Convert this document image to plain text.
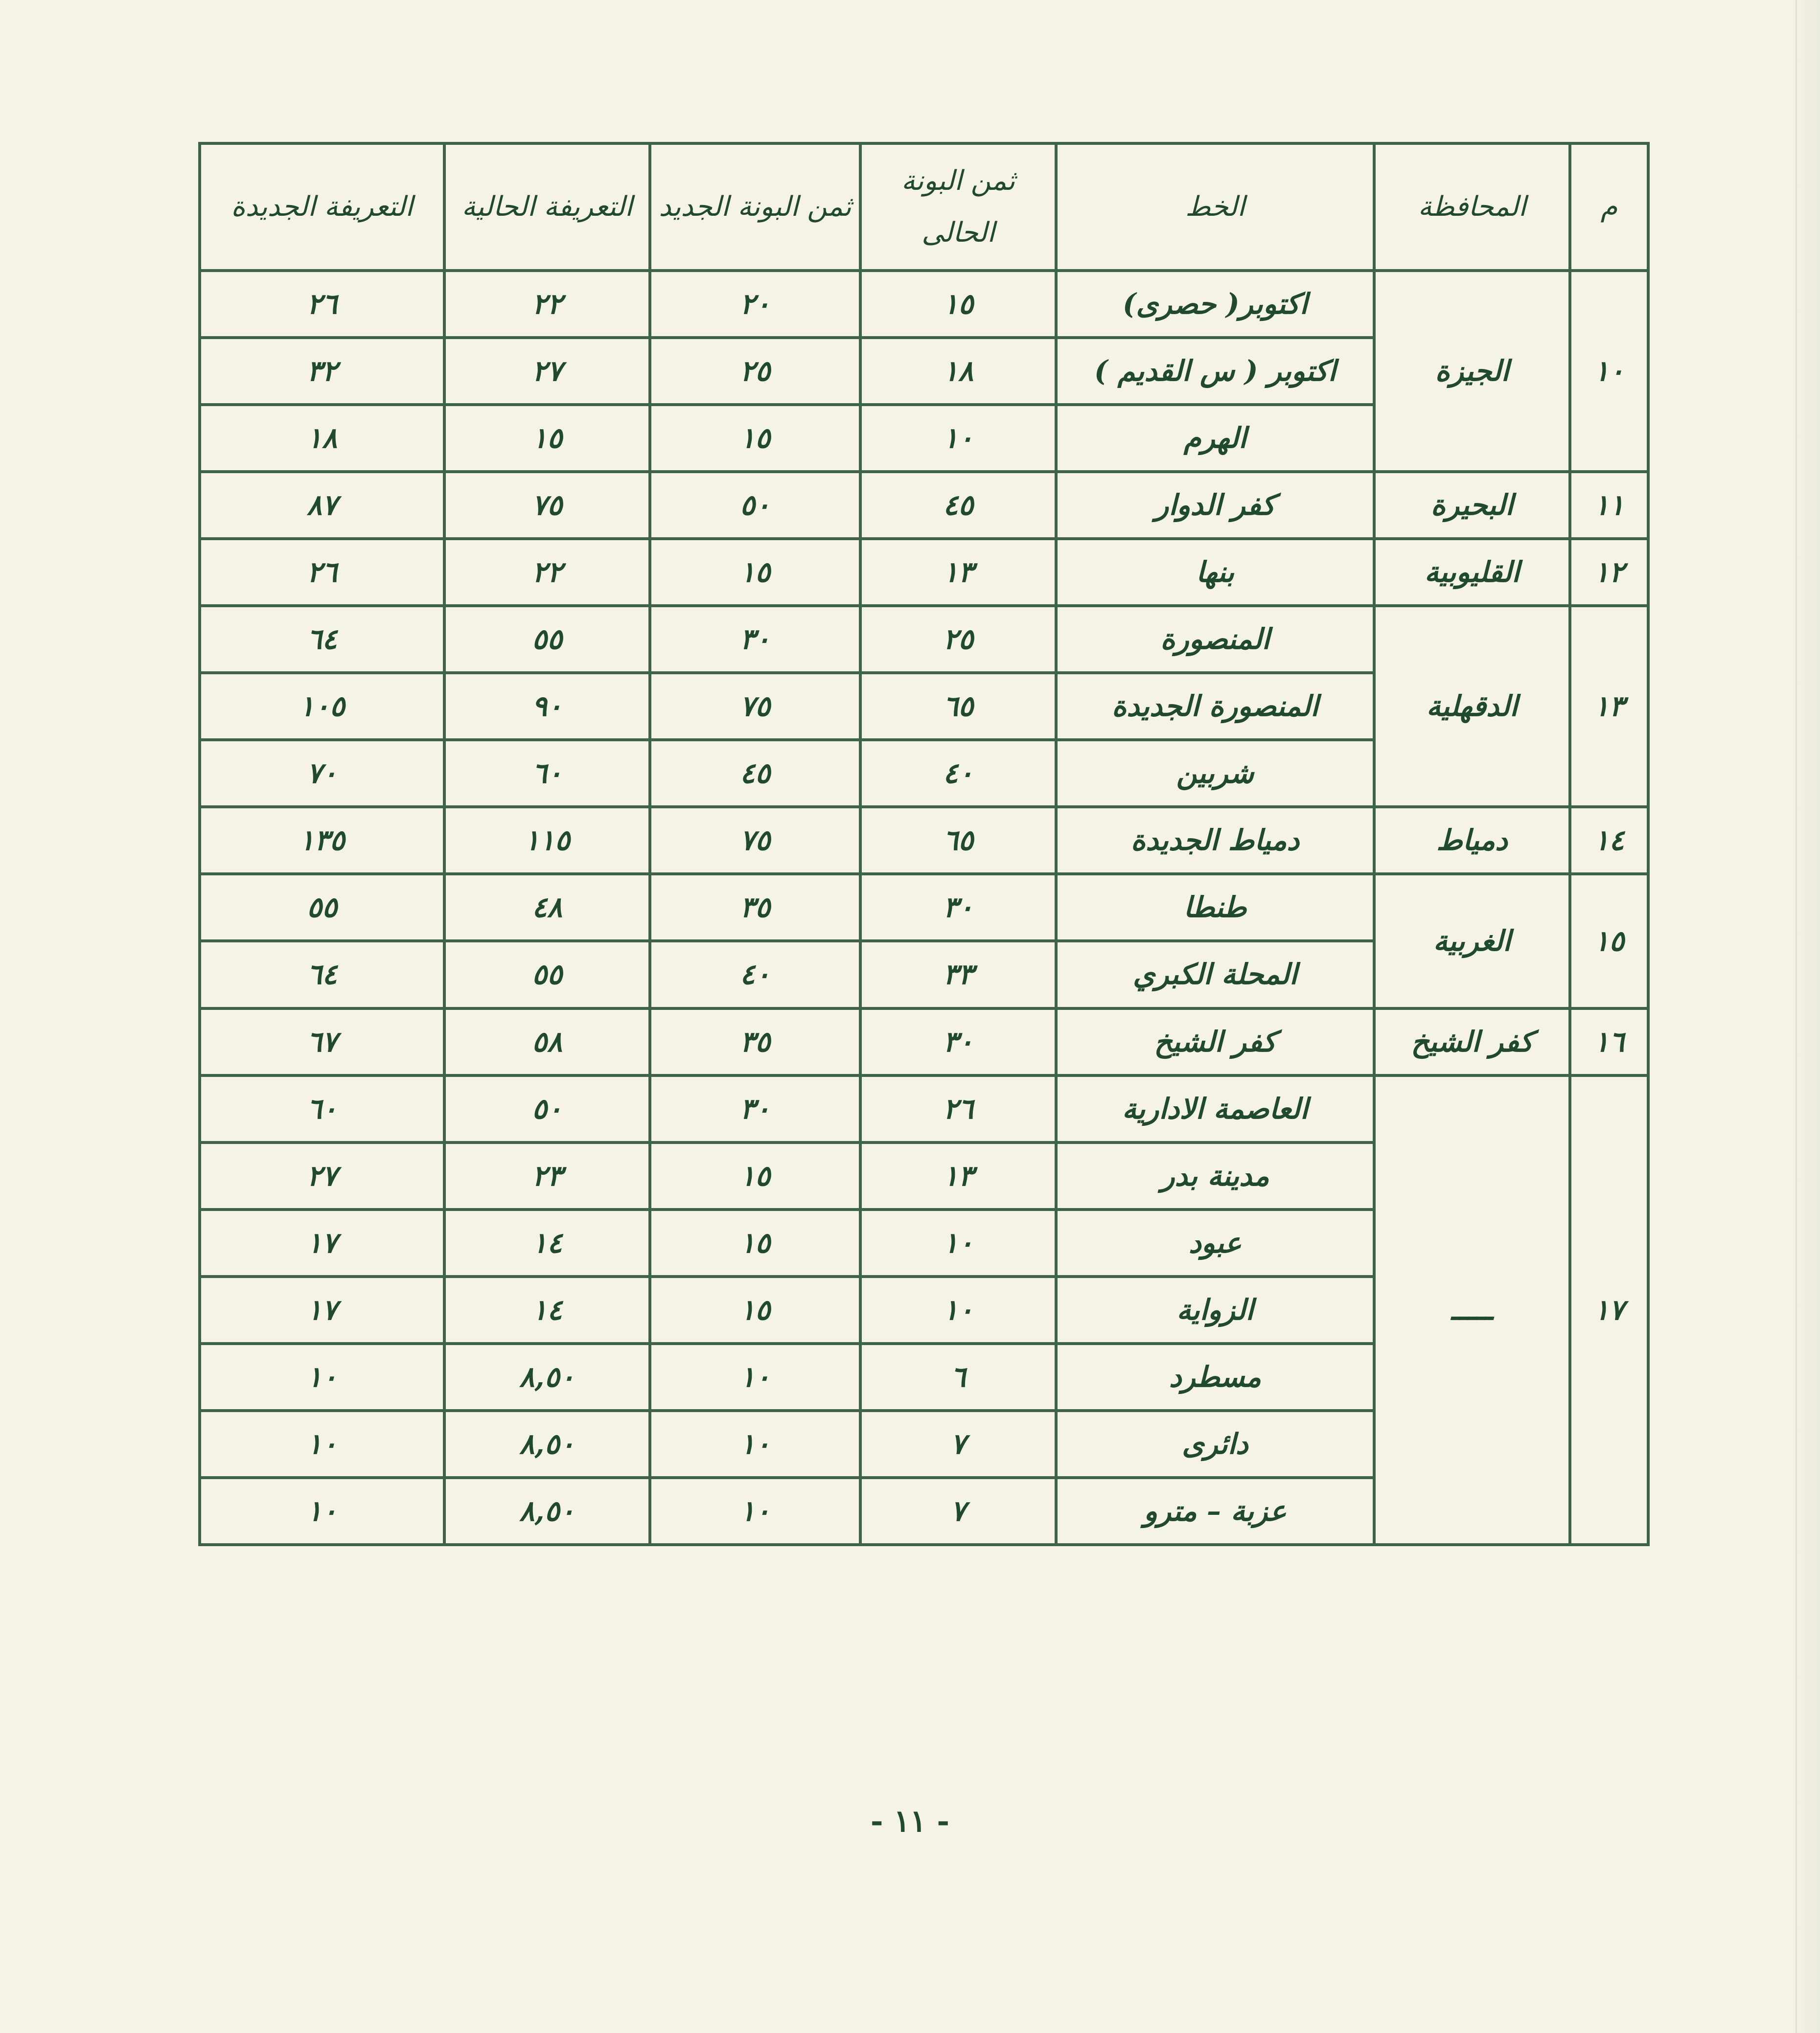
م	المحافظة	الخط	ثمن البونة الحالى	ثمن البونة الجديد	التعريفة الحالية	التعريفة الجديدة
١٠	الجيزة	اكتوبر( حصرى)	١٥	٢٠	٢٢	٢٦
		اكتوبر ( س القديم )	١٨	٢٥	٢٧	٣٢
		الهرم	١٠	١٥	١٥	١٨
١١	البحيرة	كفر الدوار	٤٥	٥٠	٧٥	٨٧
١٢	القليوبية	بنها	١٣	١٥	٢٢	٢٦
١٣	الدقهلية	المنصورة	٢٥	٣٠	٥٥	٦٤
		المنصورة الجديدة	٦٥	٧٥	٩٠	١٠٥
		شربين	٤٠	٤٥	٦٠	٧٠
١٤	دمياط	دمياط الجديدة	٦٥	٧٥	١١٥	١٣٥
١٥	الغربية	طنطا	٣٠	٣٥	٤٨	٥٥
		المحلة الكبري	٣٣	٤٠	٥٥	٦٤
١٦	كفر الشيخ	كفر الشيخ	٣٠	٣٥	٥٨	٦٧
١٧	ـــــ	العاصمة الادارية	٢٦	٣٠	٥٠	٦٠
		مدينة بدر	١٣	١٥	٢٣	٢٧
		عبود	١٠	١٥	١٤	١٧
		الزواية	١٠	١٥	١٤	١٧
		مسطرد	٦	١٠	٨,٥٠	١٠
		دائرى	٧	١٠	٨,٥٠	١٠
		عزبة – مترو	٧	١٠	٨,٥٠	١٠
- ١١ -
